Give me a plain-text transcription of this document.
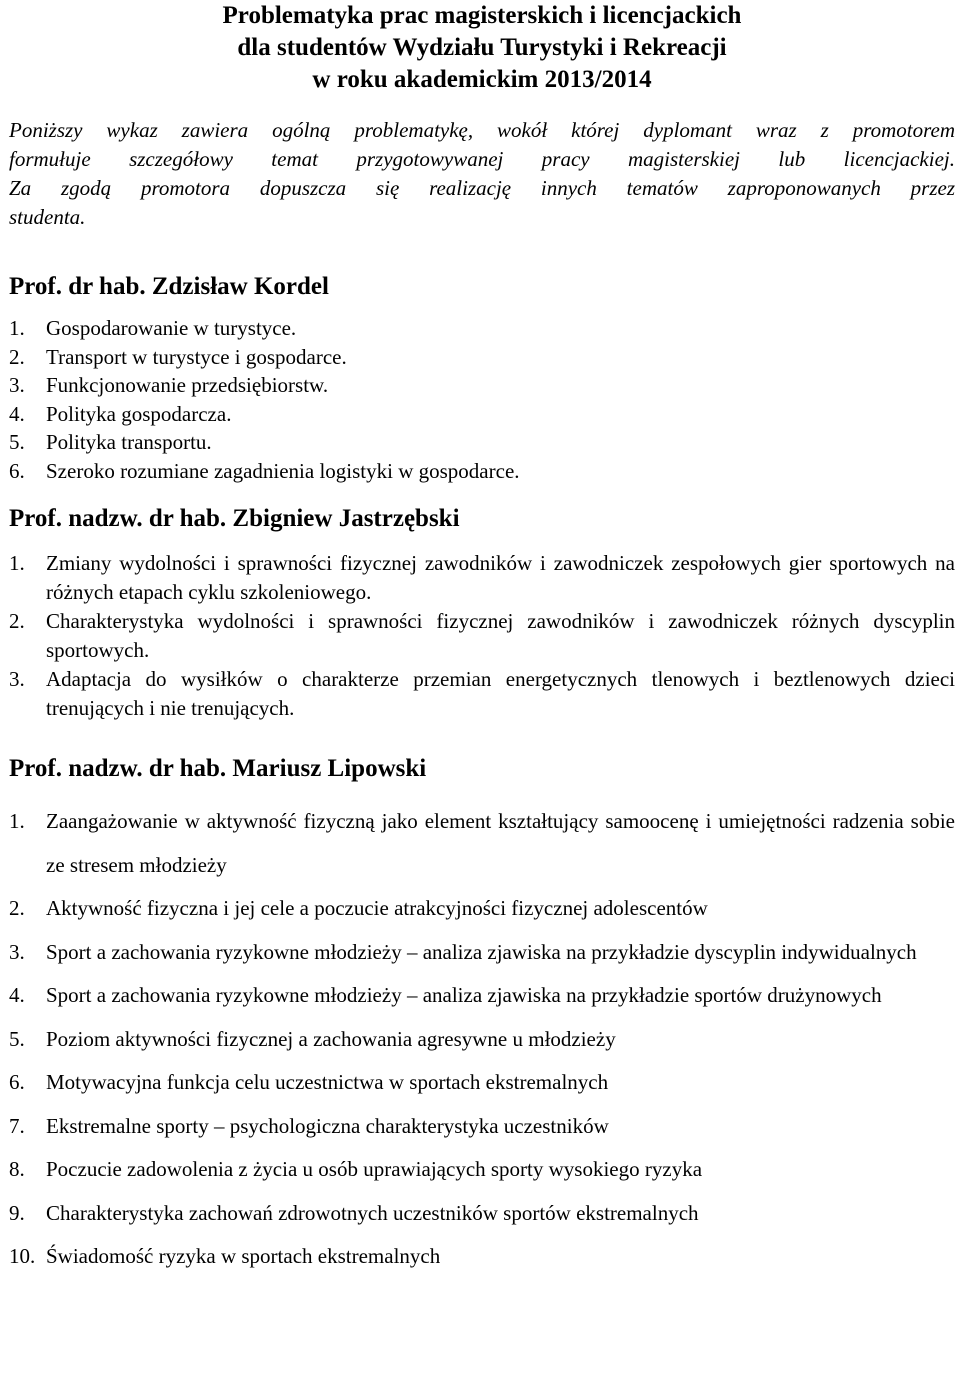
Problematyka prac magisterskich i licencjackich
dla studentów Wydziału Turystyki i Rekreacji
w roku akademickim 2013/2014
Poniższy wykaz zawiera ogólną problematykę, wokół której dyplomant wraz z promotorem
formułuje szczegółowy temat przygotowywanej pracy magisterskiej lub licencjackiej.
Za zgodą promotora dopuszcza się realizację innych tematów zaproponowanych przez
studenta.
Prof. dr hab. Zdzisław Kordel
1. Gospodarowanie w turystyce.
2. Transport w turystyce i gospodarce.
3. Funkcjonowanie przedsiębiorstw.
4. Polityka gospodarcza.
5. Polityka transportu.
6. Szeroko rozumiane zagadnienia logistyki w gospodarce.
Prof. nadzw. dr hab. Zbigniew Jastrzębski
1. Zmiany wydolności i sprawności fizycznej zawodników i zawodniczek zespołowych gier sportowych na różnych etapach cyklu szkoleniowego.
2. Charakterystyka wydolności i sprawności fizycznej zawodników i zawodniczek różnych dyscyplin sportowych.
3. Adaptacja do wysiłków o charakterze przemian energetycznych tlenowych i beztlenowych dzieci trenujących i nie trenujących.
Prof. nadzw. dr hab. Mariusz Lipowski
1. Zaangażowanie w aktywność fizyczną jako element kształtujący samoocenę i umiejętności radzenia sobie ze stresem młodzieży
2. Aktywność fizyczna i jej cele a poczucie atrakcyjności fizycznej adolescentów
3. Sport a zachowania ryzykowne młodzieży – analiza zjawiska na przykładzie dyscyplin indywidualnych
4. Sport a zachowania ryzykowne młodzieży – analiza zjawiska na przykładzie sportów drużynowych
5. Poziom aktywności fizycznej a zachowania agresywne u młodzieży
6. Motywacyjna funkcja celu uczestnictwa w sportach ekstremalnych
7. Ekstremalne sporty – psychologiczna charakterystyka uczestników
8. Poczucie zadowolenia z życia u osób uprawiających sporty wysokiego ryzyka
9. Charakterystyka zachowań zdrowotnych uczestników sportów ekstremalnych
10. Świadomość ryzyka w sportach ekstremalnych
